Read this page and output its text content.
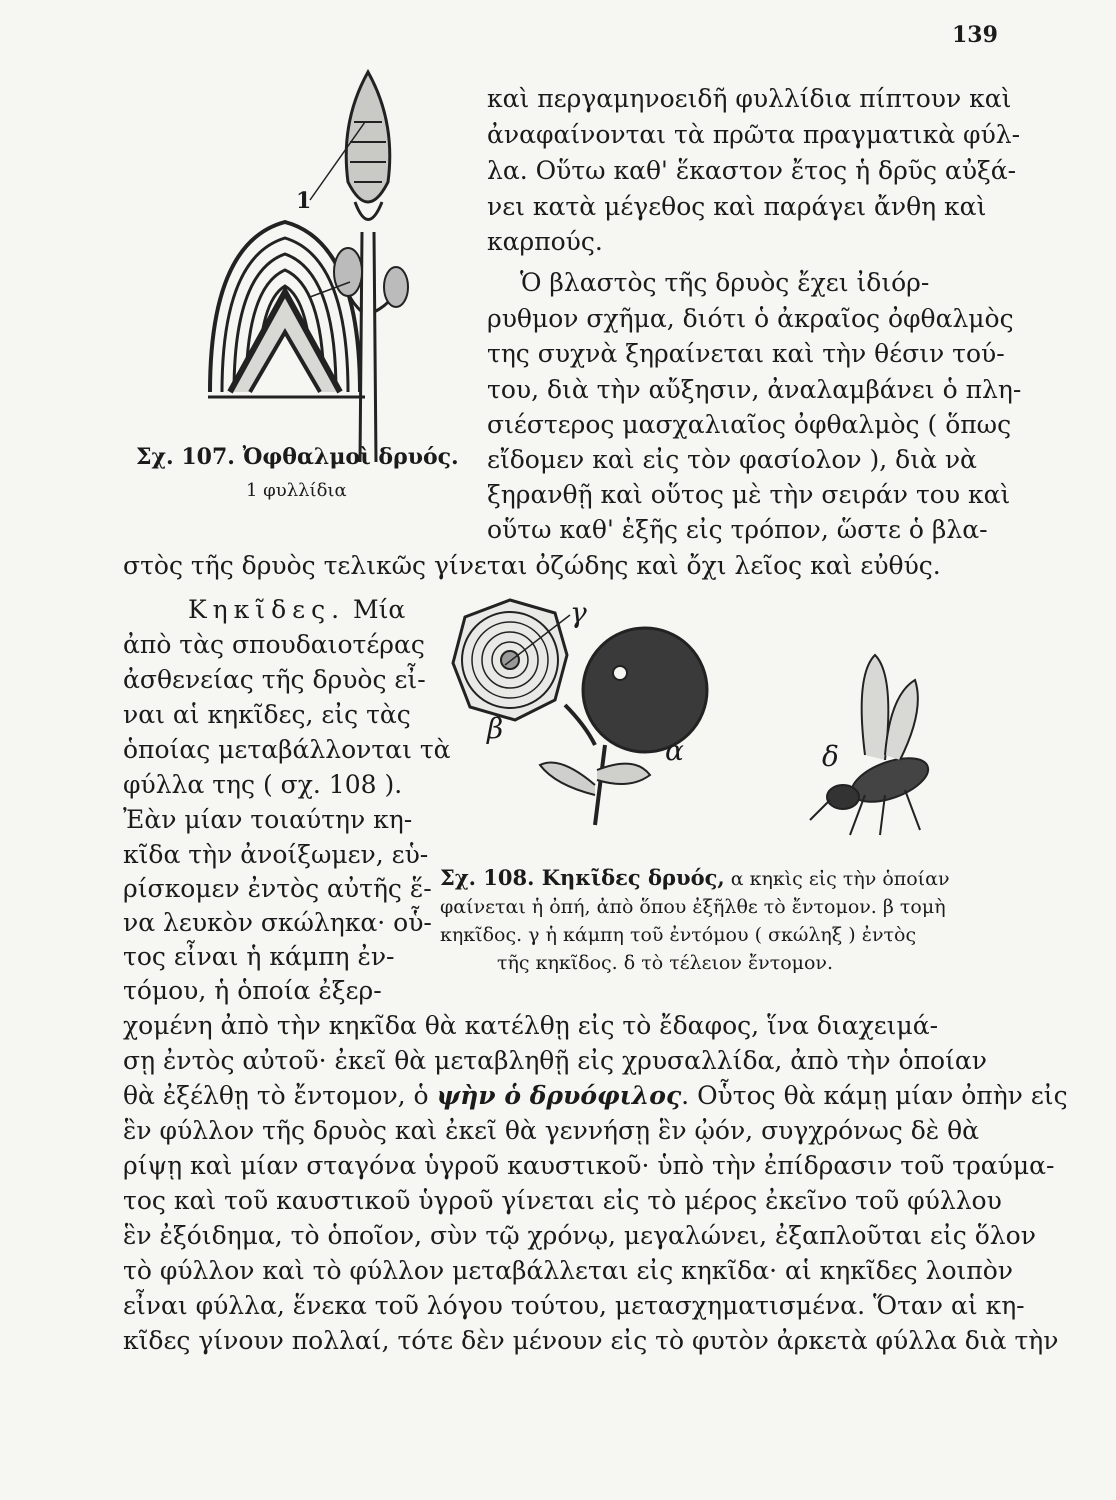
139
1
καὶ περγαμηνοειδῆ φυλλίδια πίπτουν καὶ
ἀναφαίνονται τὰ πρῶτα πραγματικὰ φύλ-
λα. Οὕτω καθ' ἕκαστον ἔτος ἡ δρῦς αὐξά-
νει κατὰ μέγεθος καὶ παράγει ἄνθη καὶ
καρπούς.
Ὁ βλαστὸς τῆς δρυὸς ἔχει ἰδιόρ-
ρυθμον σχῆμα, διότι ὁ ἀκραῖος ὀφθαλμὸς
της συχνὰ ξηραίνεται καὶ τὴν θέσιν τού-
του, διὰ τὴν αὔξησιν, ἀναλαμβάνει ὁ πλη-
σιέστερος μασχαλιαῖος ὀφθαλμὸς ( ὅπως
εἴδομεν καὶ εἰς τὸν φασίολον ), διὰ νὰ
ξηρανθῇ καὶ οὕτος μὲ τὴν σειράν του καὶ
οὕτω καθ' ἑξῆς εἰς τρόπον, ὥστε ὁ βλα-
στὸς τῆς δρυὸς τελικῶς γίνεται ὀζώδης καὶ ὄχι λεῖος καὶ εὐθύς.
Σχ. 107. Ὀφθαλμοὶ δρυός.
1 φυλλίδια
Κηκῖδες. Μία
ἀπὸ τὰς σπουδαιοτέρας
ἀσθενείας τῆς δρυὸς εἶ-
ναι αἱ κηκῖδες, εἰς τὰς
ὁποίας μεταβάλλονται τὰ
φύλλα της ( σχ. 108 ).
Ἐὰν μίαν τοιαύτην κη-
κῖδα τὴν ἀνοίξωμεν, εὑ-
ρίσκομεν ἐντὸς αὐτῆς ἕ-
να λευκὸν σκώληκα· οὗ-
τος εἶναι ἡ κάμπη ἐν-
τόμου, ἡ ὁποία ἐξερ-
γ
β
α	δ
Σχ. 108. Κηκῖδες δρυός, α κηκὶς εἰς τὴν ὁποίαν
φαίνεται ἡ ὀπή, ἀπὸ ὅπου ἐξῆλθε τὸ ἔντομον. β τομὴ
κηκῖδος. γ ἡ κάμπη τοῦ ἐντόμου ( σκώληξ ) ἐντὸς
τῆς κηκῖδος. δ τὸ τέλειον ἔντομον.
χομένη ἀπὸ τὴν κηκῖδα θὰ κατέλθῃ εἰς τὸ ἔδαφος, ἵνα διαχειμά-
σῃ ἐντὸς αὐτοῦ· ἐκεῖ θὰ μεταβληθῇ εἰς χρυσαλλίδα, ἀπὸ τὴν ὁποίαν
θὰ ἐξέλθῃ τὸ ἔντομον, ὁ ψὴν ὁ δρυόφιλος. Οὗτος θὰ κάμῃ μίαν ὀπὴν εἰς
ἓν φύλλον τῆς δρυὸς καὶ ἐκεῖ θὰ γεννήσῃ ἓν ᾠόν, συγχρόνως δὲ θὰ
ρίψῃ καὶ μίαν σταγόνα ὑγροῦ καυστικοῦ· ὑπὸ τὴν ἐπίδρασιν τοῦ τραύμα-
τος καὶ τοῦ καυστικοῦ ὑγροῦ γίνεται εἰς τὸ μέρος ἐκεῖνο τοῦ φύλλου
ἓν ἐξόιδημα, τὸ ὁποῖον, σὺν τῷ χρόνῳ, μεγαλώνει, ἐξαπλοῦται εἰς ὅλον
τὸ φύλλον καὶ τὸ φύλλον μεταβάλλεται εἰς κηκῖδα· αἱ κηκῖδες λοιπὸν
εἶναι φύλλα, ἕνεκα τοῦ λόγου τούτου, μετασχηματισμένα. Ὅταν αἱ κη-
κῖδες γίνουν πολλαί, τότε δὲν μένουν εἰς τὸ φυτὸν ἀρκετὰ φύλλα διὰ τὴν
